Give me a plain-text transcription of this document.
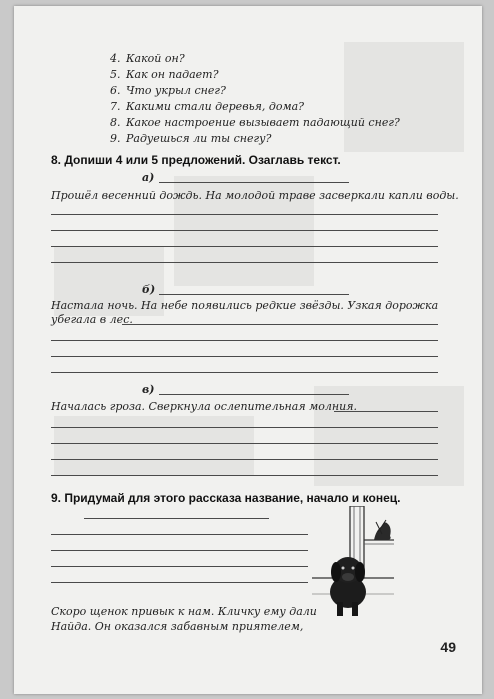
4. Какой он?
5. Как он падает?
6. Что укрыл снег?
7. Какими стали деревья, дома?
8. Какое настроение вызывает падающий снег?
9. Радуешься ли ты снегу?
8. Допиши 4 или 5 предложений. Озаглавь текст.
а)
Прошёл весенний дождь. На молодой траве засверкали капли воды.
б)
Настала ночь. На небе появились редкие звёзды. Узкая дорожка
убегала в лес.
в)
Началась гроза. Сверкнула ослепительная молния.
9. Придумай для этого рассказа название, начало и конец.
Скоро щенок привык к нам. Кличку ему дали
Найда. Он оказался забавным приятелем,
49
